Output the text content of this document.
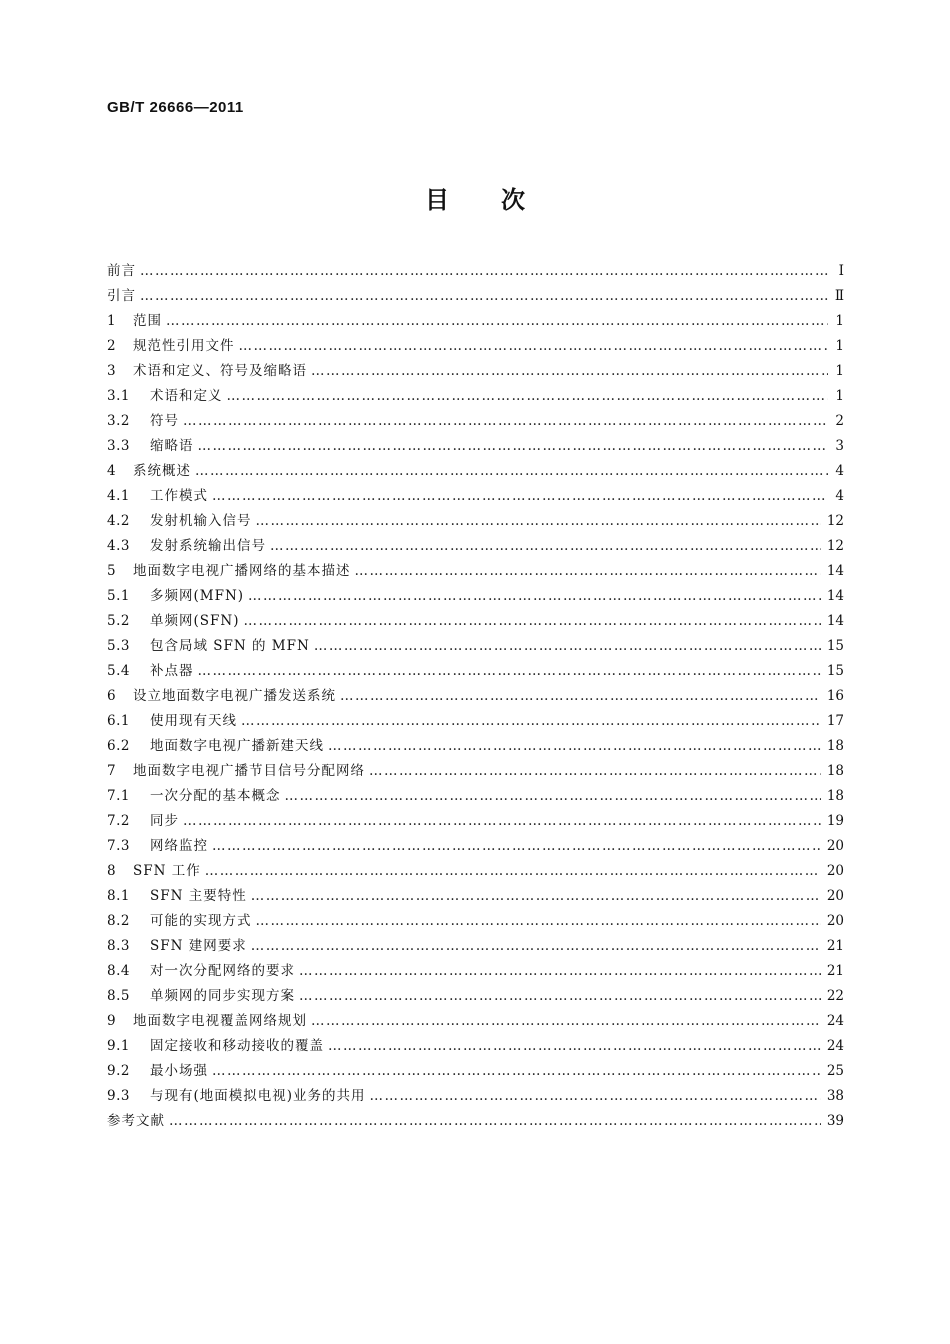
GB/T 26666—2011
目 次
前言 ……………………………………………………………………………………………………………………………………………………………………………………………………………………………………	Ⅰ
引言 ……………………………………………………………………………………………………………………………………………………………………………………………………………………………………	Ⅱ
1	范围 ……………………………………………………………………………………………………………………………………………………………………………………………………………………………………	1
2	规范性引用文件 ……………………………………………………………………………………………………………………………………………………………………………………………………………………………………	1
3	术语和定义、符号及缩略语 ……………………………………………………………………………………………………………………………………………………………………………………………………………………………………	1
3.1	术语和定义 ……………………………………………………………………………………………………………………………………………………………………………………………………………………………………	1
3.2	符号 ……………………………………………………………………………………………………………………………………………………………………………………………………………………………………	2
3.3	缩略语 ……………………………………………………………………………………………………………………………………………………………………………………………………………………………………	3
4	系统概述 ……………………………………………………………………………………………………………………………………………………………………………………………………………………………………	4
4.1	工作模式 ……………………………………………………………………………………………………………………………………………………………………………………………………………………………………	4
4.2	发射机输入信号 ……………………………………………………………………………………………………………………………………………………………………………………………………………………………………	12
4.3	发射系统输出信号 ……………………………………………………………………………………………………………………………………………………………………………………………………………………………………	12
5	地面数字电视广播网络的基本描述 ……………………………………………………………………………………………………………………………………………………………………………………………………………………………………	14
5.1	多频网(MFN) ……………………………………………………………………………………………………………………………………………………………………………………………………………………………………	14
5.2	单频网(SFN) ……………………………………………………………………………………………………………………………………………………………………………………………………………………………………	14
5.3	包含局域 SFN 的 MFN ……………………………………………………………………………………………………………………………………………………………………………………………………………………………………	15
5.4	补点器 ……………………………………………………………………………………………………………………………………………………………………………………………………………………………………	15
6	设立地面数字电视广播发送系统 ……………………………………………………………………………………………………………………………………………………………………………………………………………………………………	16
6.1	使用现有天线 ……………………………………………………………………………………………………………………………………………………………………………………………………………………………………	17
6.2	地面数字电视广播新建天线 ……………………………………………………………………………………………………………………………………………………………………………………………………………………………………	18
7	地面数字电视广播节目信号分配网络 ……………………………………………………………………………………………………………………………………………………………………………………………………………………………………	18
7.1	一次分配的基本概念 ……………………………………………………………………………………………………………………………………………………………………………………………………………………………………	18
7.2	同步 ……………………………………………………………………………………………………………………………………………………………………………………………………………………………………	19
7.3	网络监控 ……………………………………………………………………………………………………………………………………………………………………………………………………………………………………	20
8	SFN 工作 ……………………………………………………………………………………………………………………………………………………………………………………………………………………………………	20
8.1	SFN 主要特性 ……………………………………………………………………………………………………………………………………………………………………………………………………………………………………	20
8.2	可能的实现方式 ……………………………………………………………………………………………………………………………………………………………………………………………………………………………………	20
8.3	SFN 建网要求 ……………………………………………………………………………………………………………………………………………………………………………………………………………………………………	21
8.4	对一次分配网络的要求 ……………………………………………………………………………………………………………………………………………………………………………………………………………………………………	21
8.5	单频网的同步实现方案 ……………………………………………………………………………………………………………………………………………………………………………………………………………………………………	22
9	地面数字电视覆盖网络规划 ……………………………………………………………………………………………………………………………………………………………………………………………………………………………………	24
9.1	固定接收和移动接收的覆盖 ……………………………………………………………………………………………………………………………………………………………………………………………………………………………………	24
9.2	最小场强 ……………………………………………………………………………………………………………………………………………………………………………………………………………………………………	25
9.3	与现有(地面模拟电视)业务的共用 ……………………………………………………………………………………………………………………………………………………………………………………………………………………………………	38
参考文献 ……………………………………………………………………………………………………………………………………………………………………………………………………………………………………	39
